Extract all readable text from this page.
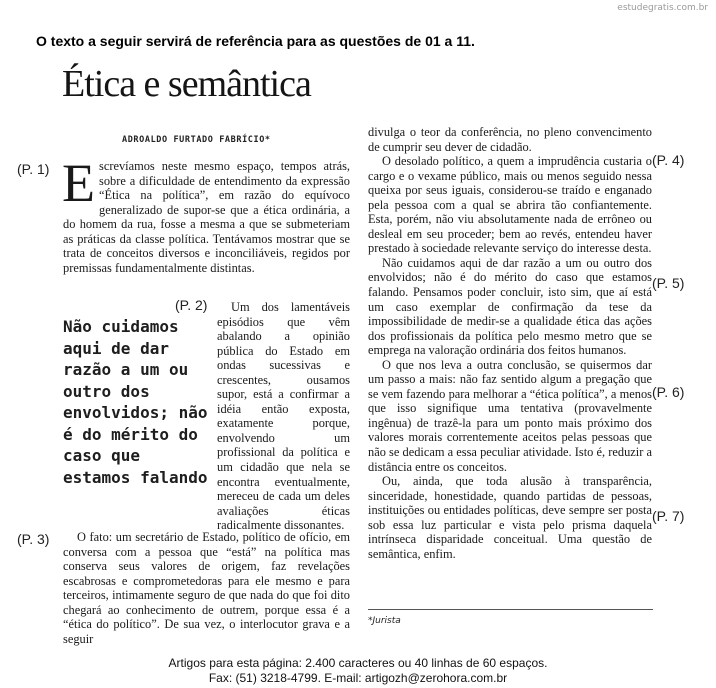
estudegratis.com.br
O texto a seguir servirá de referência para as questões de 01 a 11.
Ética e semântica
ADROALDO FURTADO FABRÍCIO*
(P. 1)
(P. 2)
(P. 3)
(P. 4)
(P. 5)
(P. 6)
(P. 7)
Escrevíamos neste mesmo espaço, tempos atrás, sobre a dificuldade de entendimento da expressão “Ética na política”, em razão do equívoco generalizado de supor-se que a ética ordinária, a do homem da rua, fosse a mesma a que se submeteriam as práticas da classe política. Tentávamos mostrar que se trata de conceitos diversos e inconciliáveis, regidos por premissas fundamentalmente distintas.
Não cuidamos aqui de dar razão a um ou outro dos envolvidos; não é do mérito do caso que estamos falando

Um dos lamentáveis episódios que vêm abalando a opinião pública do Estado em ondas sucessivas e crescentes, ousamos supor, está a confirmar a idéia então exposta, exatamente porque, envolvendo um profissional da política e um cidadão que nela se encontra eventualmente, mereceu de cada um deles avaliações éticas radicalmente dissonantes.

O fato: um secretário de Estado, político de ofício, em conversa com a pessoa que “está” na política mas conserva seus valores de origem, faz revelações escabrosas e comprometedoras para ele mesmo e para terceiros, intimamente seguro de que nada do que foi dito chegará ao conhecimento de outrem, porque essa é a “ética do político”. De sua vez, o interlocutor grava e a seguir

divulga o teor da conferência, no pleno convencimento de cumprir seu dever de cidadão.

O desolado político, a quem a imprudência custaria o cargo e o vexame público, mais ou menos seguido nessa queixa por seus iguais, considerou-se traído e enganado pela pessoa com a qual se abrira tão confiantemente. Esta, porém, não viu absolutamente nada de errôneo ou desleal em seu proceder; bem ao revés, entendeu haver prestado à sociedade relevante serviço do interesse desta.

Não cuidamos aqui de dar razão a um ou outro dos envolvidos; não é do mérito do caso que estamos falando. Pensamos poder concluir, isto sim, que aí está um caso exemplar de confirmação da tese da impossibilidade de medir-se a qualidade ética das ações dos profissionais da política pelo mesmo metro que se emprega na valoração ordinária dos feitos humanos.

O que nos leva a outra conclusão, se quisermos dar um passo a mais: não faz sentido algum a pregação que se vem fazendo para melhorar a “ética política”, a menos que isso signifique uma tentativa (provavelmente ingênua) de trazê-la para um ponto mais próximo dos valores morais correntemente aceitos pelas pessoas que não se dedicam a essa peculiar atividade. Isto é, reduzir a distância entre os conceitos.

Ou, ainda, que toda alusão à transparência, sinceridade, honestidade, quando partidas de pessoas, instituições ou entidades políticas, deve sempre ser posta sob essa luz particular e vista pelo prisma daquela intrínseca disparidade conceitual. Uma questão de semântica, enfim.

*Jurista
Artigos para esta página: 2.400 caracteres ou 40 linhas de 60 espaços.
Fax: (51) 3218-4799. E-mail: artigozh@zerohora.com.br
